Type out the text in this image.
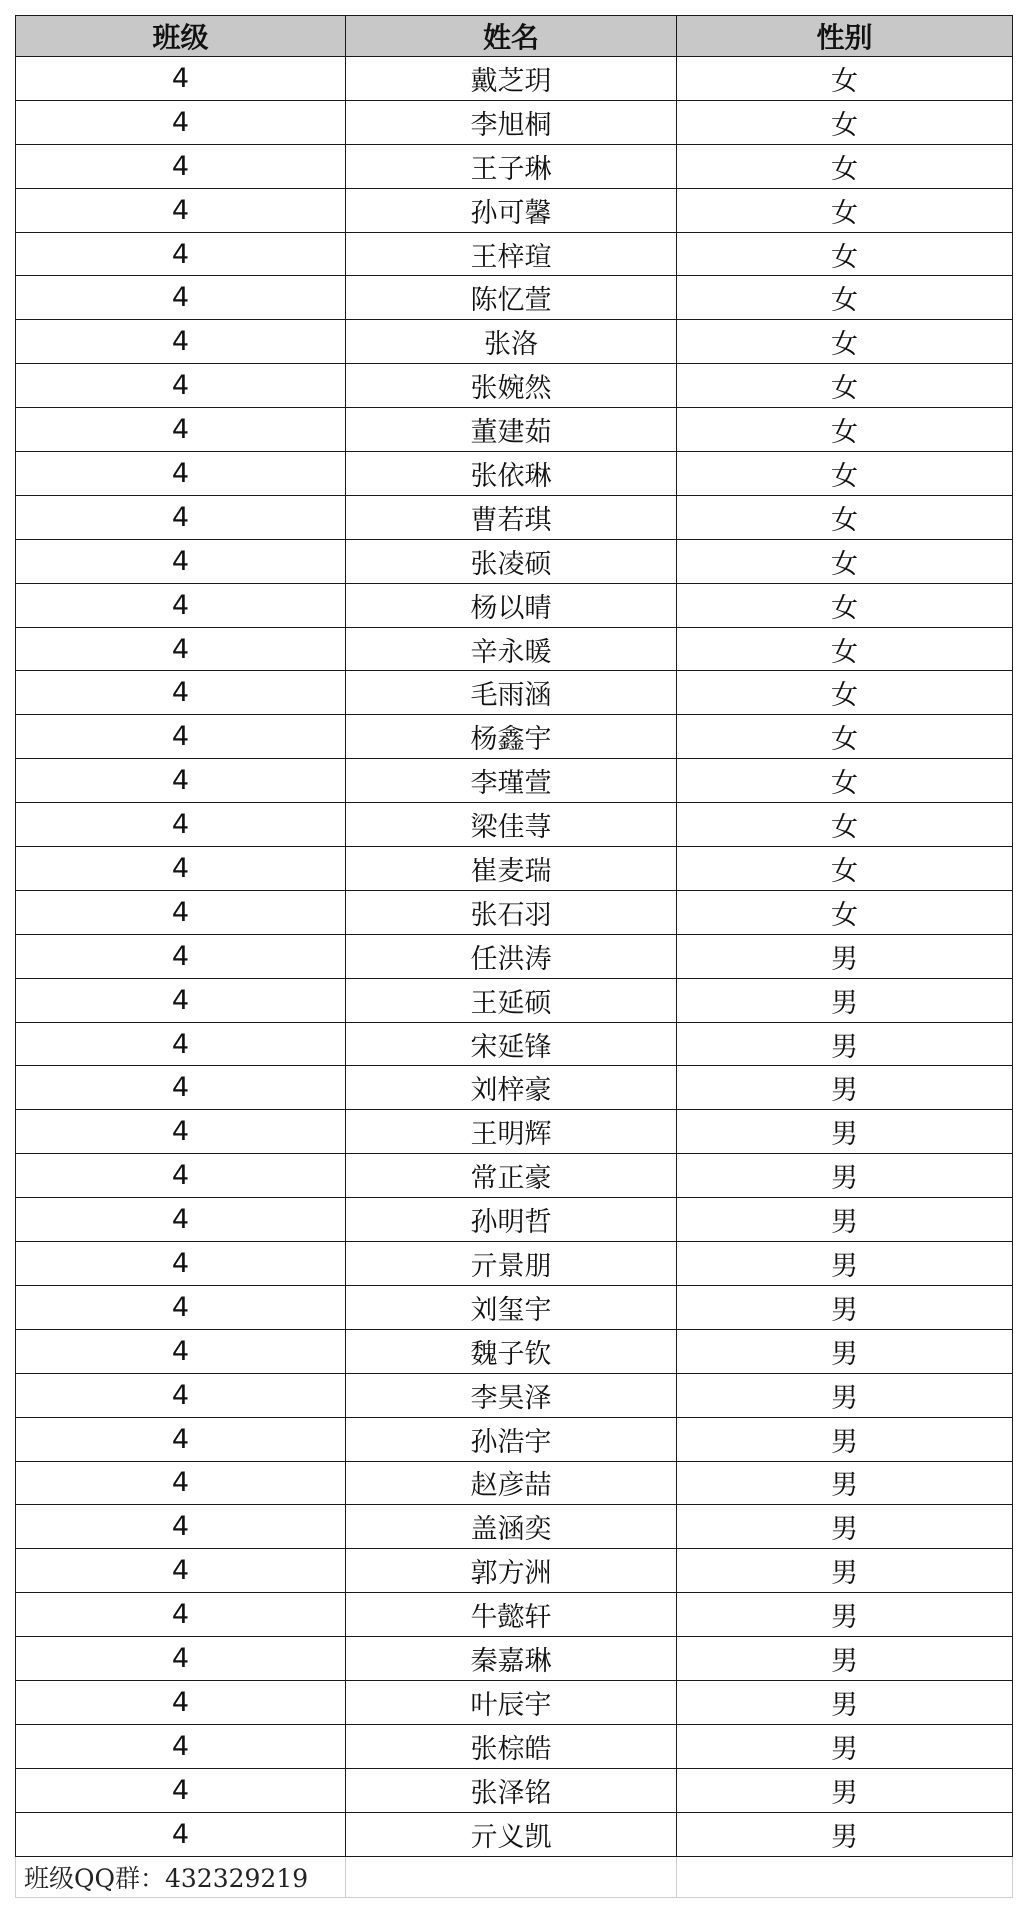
班级	姓名	性别
4	戴芝玥	女
4	李旭桐	女
4	王子琳	女
4	孙可馨	女
4	王梓瑄	女
4	陈忆萱	女
4	张洛	女
4	张婉然	女
4	董建茹	女
4	张依琳	女
4	曹若琪	女
4	张凌硕	女
4	杨以晴	女
4	辛永暖	女
4	毛雨涵	女
4	杨鑫宇	女
4	李瑾萱	女
4	梁佳荨	女
4	崔麦瑞	女
4	张石羽	女
4	任洪涛	男
4	王延硕	男
4	宋延锋	男
4	刘梓豪	男
4	王明辉	男
4	常正豪	男
4	孙明哲	男
4	亓景朋	男
4	刘玺宇	男
4	魏子钦	男
4	李昊泽	男
4	孙浩宇	男
4	赵彦喆	男
4	盖涵奕	男
4	郭方洲	男
4	牛懿轩	男
4	秦嘉琳	男
4	叶辰宇	男
4	张棕皓	男
4	张泽铭	男
4	亓义凯	男
班级QQ群：432329219		
